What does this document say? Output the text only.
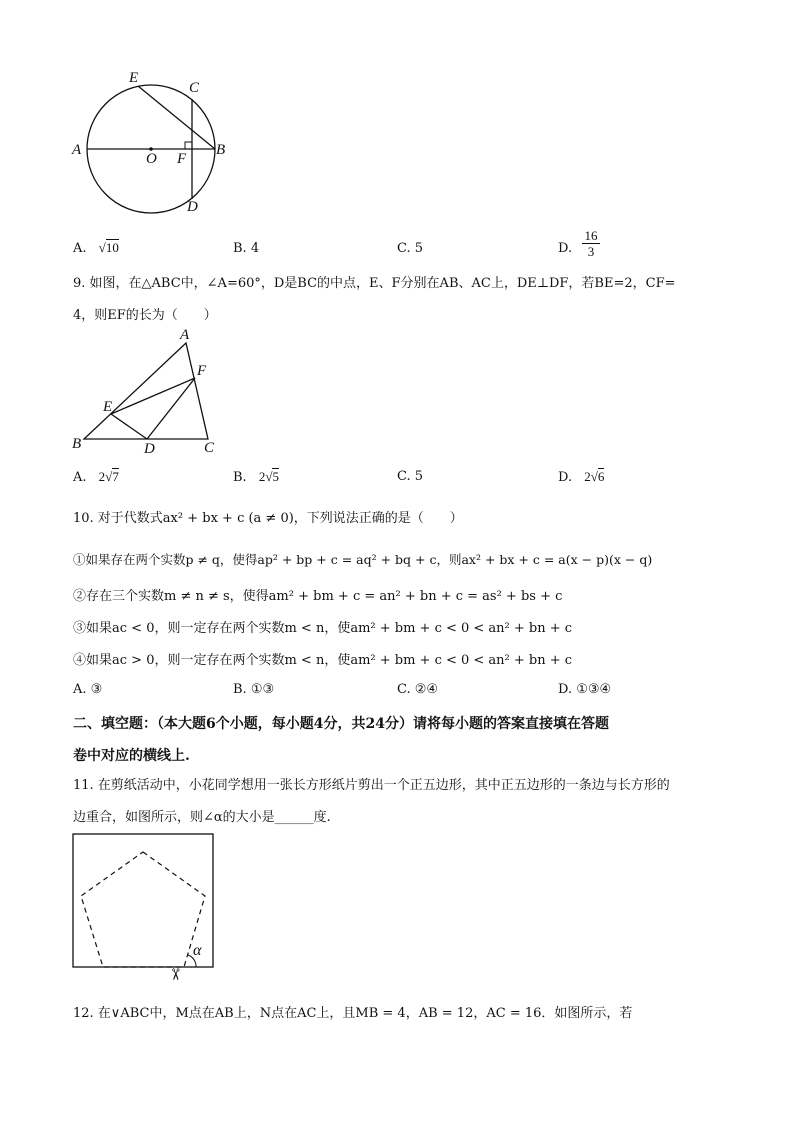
E
C
A
O F
B
D
A. √10	B. 4	C. 5	D.
16
3
9. 如图，在△ABC中，∠A=60°，D是BC的中点，E、F分别在AB、AC上，DE⊥DF，若BE=2，CF=
4，则EF的长为（　　）
A
F
E
B	D	C
A. 2√7	B. 2√5	C. 5	D. 2√6
10. 对于代数式ax² + bx + c (a ≠ 0)，下列说法正确的是（　　）
①如果存在两个实数p ≠ q，使得ap² + bp + c = aq² + bq + c，则ax² + bx + c = a(x − p)(x − q)
②存在三个实数m ≠ n ≠ s，使得am² + bm + c = an² + bn + c = as² + bs + c
③如果ac < 0，则一定存在两个实数m < n，使am² + bm + c < 0 < an² + bn + c
④如果ac > 0，则一定存在两个实数m < n，使am² + bm + c < 0 < an² + bn + c
A. ③	B. ①③	C. ②④	D. ①③④
二、填空题：（本大题6个小题，每小题4分，共24分）请将每小题的答案直接填在答题
卷中对应的横线上.
11. 在剪纸活动中，小花同学想用一张长方形纸片剪出一个正五边形，其中正五边形的一条边与长方形的
边重合，如图所示，则∠α的大小是______度.
α
✂
12. 在∨ABC中，M点在AB上，N点在AC上，且MB = 4，AB = 12，AC = 16．如图所示，若
